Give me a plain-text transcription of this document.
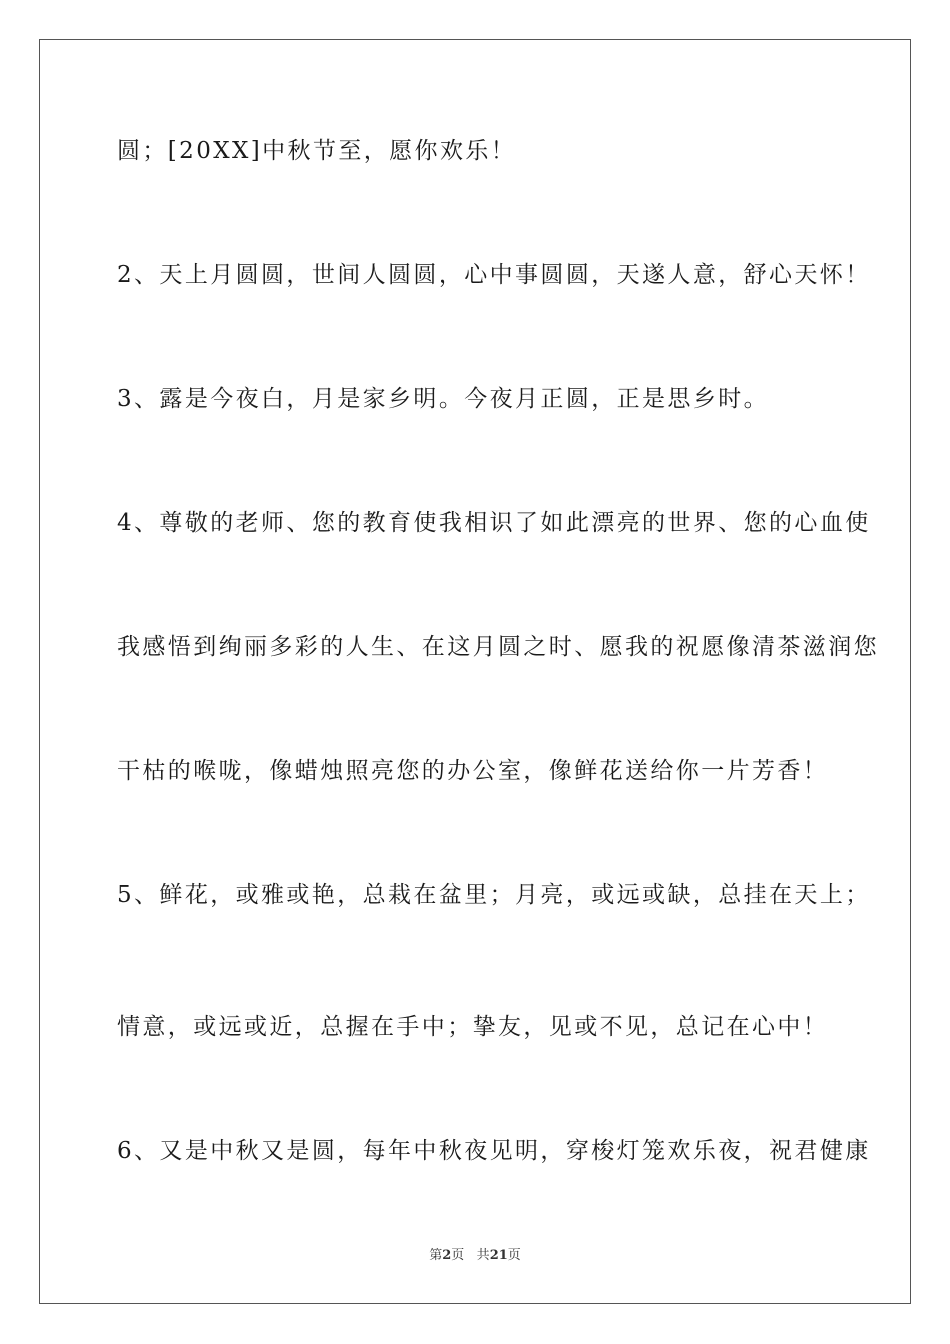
圆；[20XX]中秋节至，愿你欢乐！
2、天上月圆圆，世间人圆圆，心中事圆圆，天遂人意，舒心天怀！
3、露是今夜白，月是家乡明。今夜月正圆，正是思乡时。
4、尊敬的老师、您的教育使我相识了如此漂亮的世界、您的心血使
我感悟到绚丽多彩的人生、在这月圆之时、愿我的祝愿像清茶滋润您
干枯的喉咙，像蜡烛照亮您的办公室，像鲜花送给你一片芳香！
5、鲜花，或雅或艳，总栽在盆里；月亮，或远或缺，总挂在天上；
情意，或远或近，总握在手中；挚友，见或不见，总记在心中！
6、又是中秋又是圆，每年中秋夜见明，穿梭灯笼欢乐夜，祝君健康
第2页 共21页
